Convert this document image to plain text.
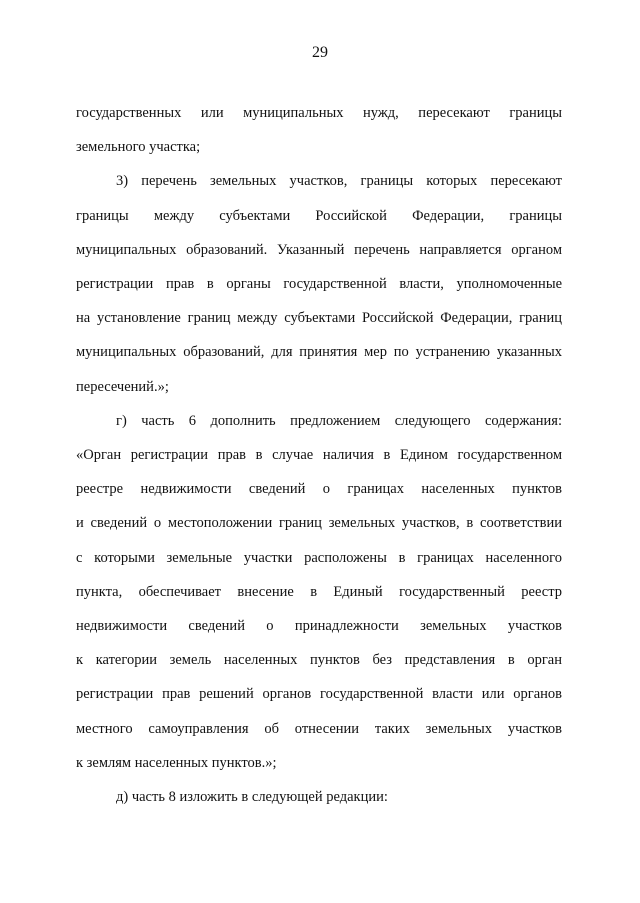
29
государственных или муниципальных нужд, пересекают границы
земельного участка;
3) перечень земельных участков, границы которых пересекают
границы между субъектами Российской Федерации, границы
муниципальных образований. Указанный перечень направляется органом
регистрации прав в органы государственной власти, уполномоченные
на установление границ между субъектами Российской Федерации, границ
муниципальных образований, для принятия мер по устранению указанных
пересечений.»;
г) часть 6 дополнить предложением следующего содержания:
«Орган регистрации прав в случае наличия в Едином государственном
реестре недвижимости сведений о границах населенных пунктов
и сведений о местоположении границ земельных участков, в соответствии
с которыми земельные участки расположены в границах населенного
пункта, обеспечивает внесение в Единый государственный реестр
недвижимости сведений о принадлежности земельных участков
к категории земель населенных пунктов без представления в орган
регистрации прав решений органов государственной власти или органов
местного самоуправления об отнесении таких земельных участков
к землям населенных пунктов.»;
д) часть 8 изложить в следующей редакции:
